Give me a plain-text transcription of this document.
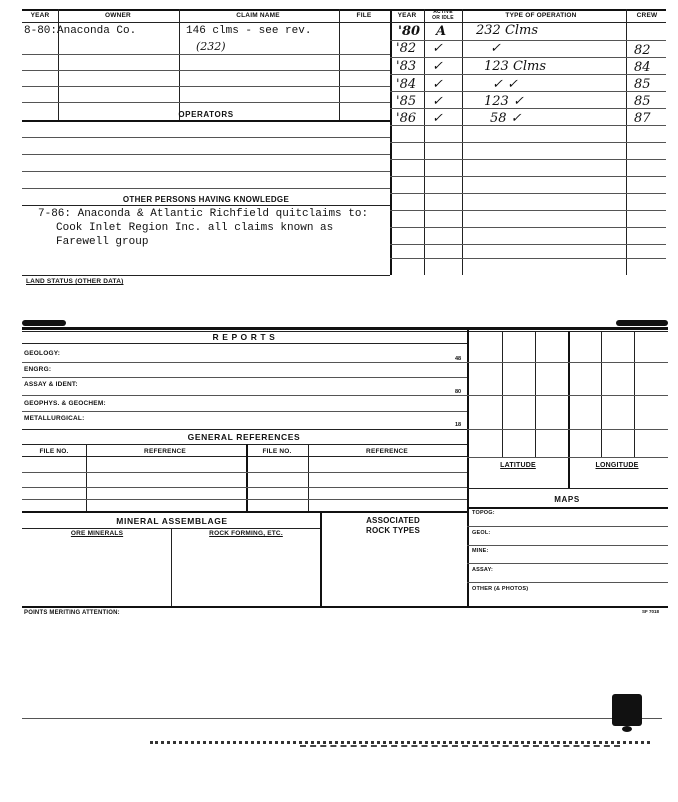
YEAR	OWNER	CLAIM NAME	FILE
8-80:Anaconda Co.	146 clms - see rev.
(232)
OPERATORS
OTHER PERSONS HAVING KNOWLEDGE
7-86: Anaconda & Atlantic Richfield quitclaims to:
Cook Inlet Region Inc. all claims known as
Farewell group
YEAR	ACTIVE
OR IDLE	TYPE OF OPERATION	CREW
'80 A 232 Clms
'82 ✓	✓	82
'83 ✓	123 Clms	84
'84 ✓	✓ ✓	85
'85 ✓	123 ✓	85
'86 ✓	58 ✓	87
LAND STATUS (OTHER DATA)
R E P O R T S
GEOLOGY:
48
ENGRG:
ASSAY & IDENT:
80
GEOPHYS. & GEOCHEM:
METALLURGICAL:
18
GENERAL REFERENCES
FILE NO.	REFERENCE	FILE NO.	REFERENCE
LATITUDE	LONGITUDE
MAPS
TOPOG:
GEOL:
MINE:
ASSAY:
OTHER (& PHOTOS)
MINERAL ASSEMBLAGE
ORE MINERALS	ROCK FORMING, ETC.
ASSOCIATED
ROCK TYPES
POINTS MERITING ATTENTION:	SF 7018
